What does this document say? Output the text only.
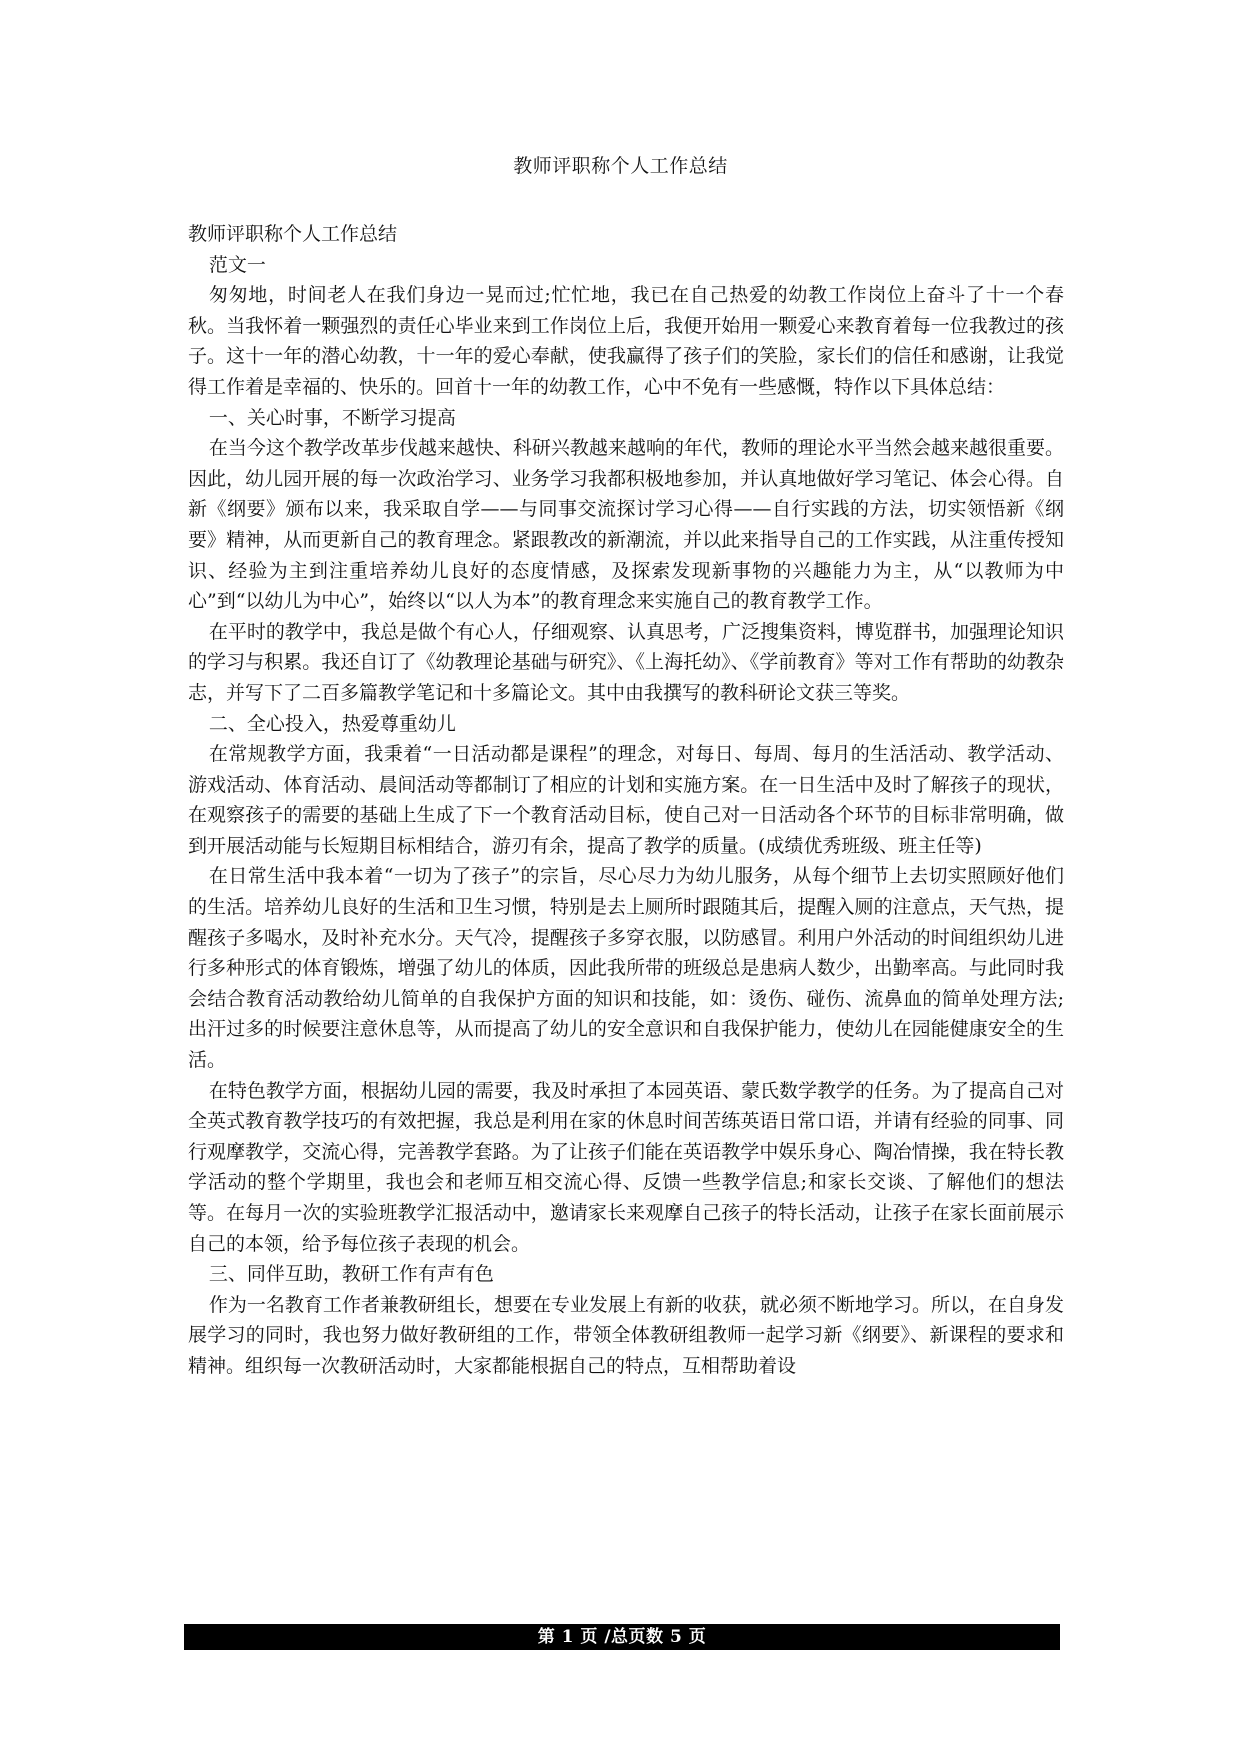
教师评职称个人工作总结

教师评职称个人工作总结

范文一

匆匆地，时间老人在我们身边一晃而过;忙忙地，我已在自己热爱的幼教工作岗位上奋斗了十一个春秋。当我怀着一颗强烈的责任心毕业来到工作岗位上后，我便开始用一颗爱心来教育着每一位我教过的孩子。这十一年的潜心幼教，十一年的爱心奉献，使我赢得了孩子们的笑脸，家长们的信任和感谢，让我觉得工作着是幸福的、快乐的。回首十一年的幼教工作，心中不免有一些感慨，特作以下具体总结：

一、关心时事，不断学习提高

在当今这个教学改革步伐越来越快、科研兴教越来越响的年代，教师的理论水平当然会越来越很重要。因此，幼儿园开展的每一次政治学习、业务学习我都积极地参加，并认真地做好学习笔记、体会心得。自新《纲要》颁布以来，我采取自学——与同事交流探讨学习心得——自行实践的方法，切实领悟新《纲要》精神，从而更新自己的教育理念。紧跟教改的新潮流，并以此来指导自己的工作实践，从注重传授知识、经验为主到注重培养幼儿良好的态度情感，及探索发现新事物的兴趣能力为主，从“以教师为中心”到“以幼儿为中心”，始终以“以人为本”的教育理念来实施自己的教育教学工作。

在平时的教学中，我总是做个有心人，仔细观察、认真思考，广泛搜集资料，博览群书，加强理论知识的学习与积累。我还自订了《幼教理论基础与研究》、《上海托幼》、《学前教育》等对工作有帮助的幼教杂志，并写下了二百多篇教学笔记和十多篇论文。其中由我撰写的教科研论文获三等奖。

二、全心投入，热爱尊重幼儿

在常规教学方面，我秉着“一日活动都是课程”的理念，对每日、每周、每月的生活活动、教学活动、游戏活动、体育活动、晨间活动等都制订了相应的计划和实施方案。在一日生活中及时了解孩子的现状，在观察孩子的需要的基础上生成了下一个教育活动目标，使自己对一日活动各个环节的目标非常明确，做到开展活动能与长短期目标相结合，游刃有余，提高了教学的质量。(成绩优秀班级、班主任等)

在日常生活中我本着“一切为了孩子”的宗旨，尽心尽力为幼儿服务，从每个细节上去切实照顾好他们的生活。培养幼儿良好的生活和卫生习惯，特别是去上厕所时跟随其后，提醒入厕的注意点，天气热，提醒孩子多喝水，及时补充水分。天气冷，提醒孩子多穿衣服，以防感冒。利用户外活动的时间组织幼儿进行多种形式的体育锻炼，增强了幼儿的体质，因此我所带的班级总是患病人数少，出勤率高。与此同时我会结合教育活动教给幼儿简单的自我保护方面的知识和技能，如：烫伤、碰伤、流鼻血的简单处理方法;出汗过多的时候要注意休息等，从而提高了幼儿的安全意识和自我保护能力，使幼儿在园能健康安全的生活。

在特色教学方面，根据幼儿园的需要，我及时承担了本园英语、蒙氏数学教学的任务。为了提高自己对全英式教育教学技巧的有效把握，我总是利用在家的休息时间苦练英语日常口语，并请有经验的同事、同行观摩教学，交流心得，完善教学套路。为了让孩子们能在英语教学中娱乐身心、陶冶情操，我在特长教学活动的整个学期里，我也会和老师互相交流心得、反馈一些教学信息;和家长交谈、了解他们的想法等。在每月一次的实验班教学汇报活动中，邀请家长来观摩自己孩子的特长活动，让孩子在家长面前展示自己的本领，给予每位孩子表现的机会。

三、同伴互助，教研工作有声有色

作为一名教育工作者兼教研组长，想要在专业发展上有新的收获，就必须不断地学习。所以，在自身发展学习的同时，我也努力做好教研组的工作，带领全体教研组教师一起学习新《纲要》、新课程的要求和精神。组织每一次教研活动时，大家都能根据自己的特点，互相帮助着设

第 1 页 /总页数 5 页
